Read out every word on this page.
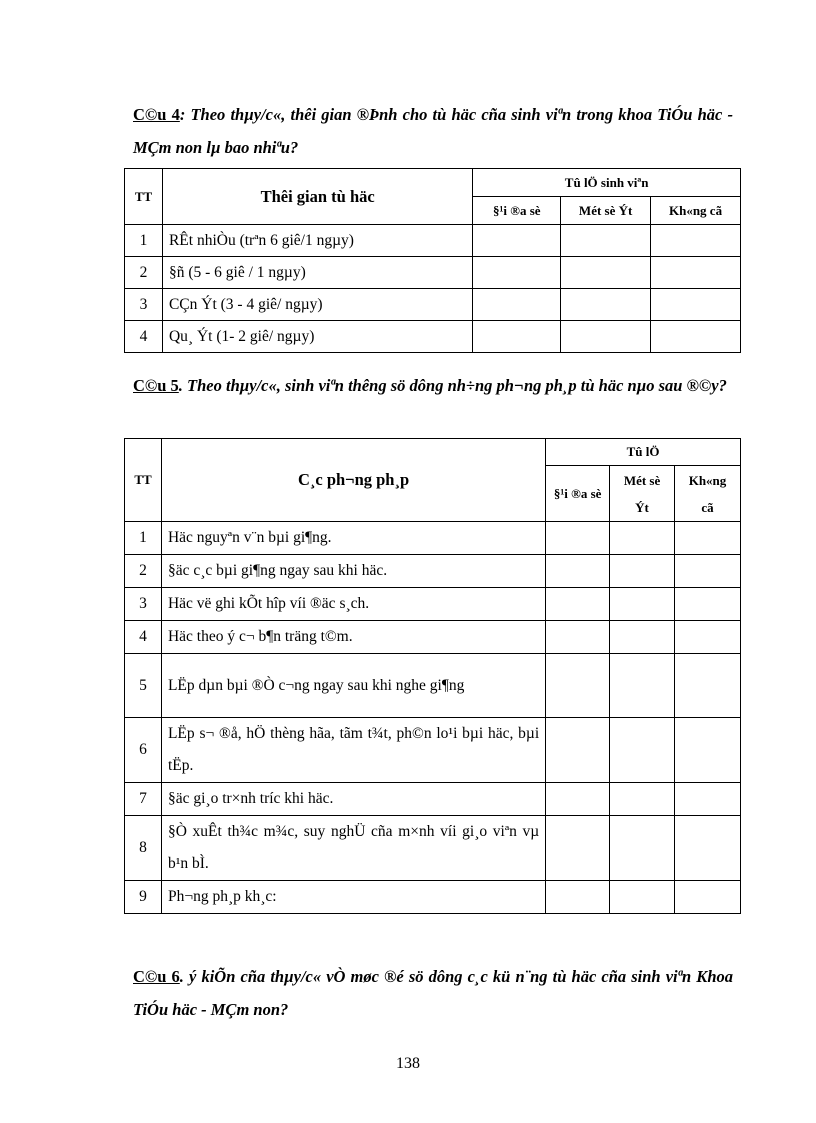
C©u 4: Theo thµy/c«, thêi gian ®Þnh cho tù häc cña sinh viªn trong khoa TiÓu häc - MÇm non lµ bao nhiªu?
TT	Thêi gian tù häc	Tû lÖ sinh viªn		
		§¹i ®a sè	Mét sè Ýt	Kh«ng cã
1	RÊt nhiÒu (trªn 6 giê/1 ngµy)			
2	§ñ (5 - 6 giê / 1 ngµy)			
3	CÇn Ýt (3 - 4 giê/ ngµy)			
4	Qu¸ Ýt (1- 2 giê/ ngµy)			
C©u 5. Theo thµy/c«, sinh viªn thêng sö dông nh÷ng ph¬ng ph¸p tù häc nµo sau ®©y?
TT	C¸c ph¬ng ph¸p	Tû lÖ		
		§¹i ®a sè	Mét sè Ýt	Kh«ng cã
1	Häc nguyªn v¨n bµi gi¶ng.			
2	§äc c¸c bµi gi¶ng ngay sau khi häc.			
3	Häc vë ghi kÕt hîp víi ®äc s¸ch.			
4	Häc theo ý c¬ b¶n träng t©m.			
5	LËp dµn bµi ®Ò c¬ng ngay sau khi nghe gi¶ng			
6	LËp s¬ ®å, hÖ thèng hãa, tãm t¾t, ph©n lo¹i bµi häc, bµi tËp.			
7	§äc gi¸o tr×nh tríc khi häc.			
8	§Ò xuÊt th¾c m¾c, suy nghÜ cña m×nh víi gi¸o viªn vµ b¹n bÌ.			
9	Ph¬ng ph¸p kh¸c:			
C©u 6. ý kiÕn cña thµy/c« vÒ møc ®é sö dông c¸c kü n¨ng tù häc cña sinh viªn Khoa TiÓu häc - MÇm non?
138
